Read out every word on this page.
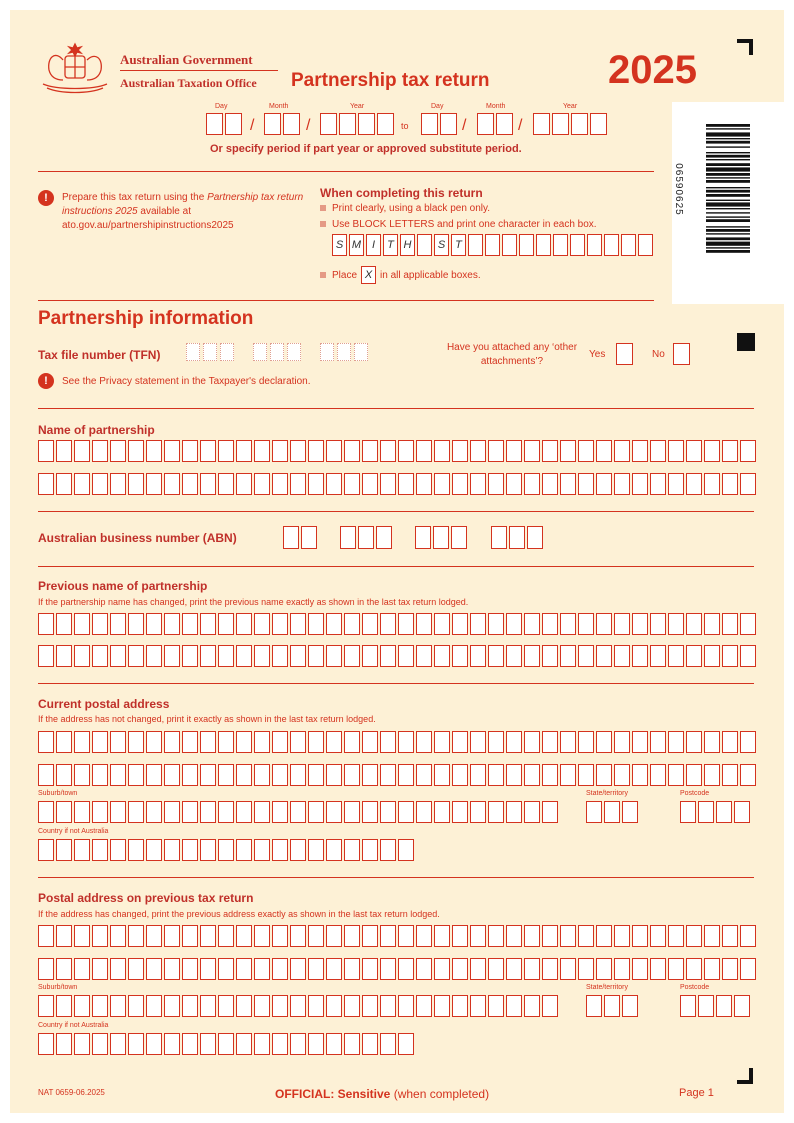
Australian Government
Australian Taxation Office Partnership tax return	2025
06590625
Day	Month	Year	Day	Month	Year
/	/	/	/
to
Or specify period if part year or approved substitute period.
!	Prepare this tax return using the Partnership tax return instructions 2025 available at ato.gov.au/partnershipinstructions2025
When completing this return
Print clearly, using a black pen only.
Use BLOCK LETTERS and print one character in each box.
S M I	T H	S T
Place X in all applicable boxes.
Partnership information
Tax file number (TFN)
Have you attached any ‘other attachments’?
Yes	No
!	See the Privacy statement in the Taxpayer's declaration.
Name of partnership
Australian business number (ABN)
Previous name of partnership
If the partnership name has changed, print the previous name exactly as shown in the last tax return lodged.
Current postal address
If the address has not changed, print it exactly as shown in the last tax return lodged.
Suburb/town	State/territory	Postcode
Country if not Australia
Postal address on previous tax return
If the address has changed, print the previous address exactly as shown in the last tax return lodged.
Suburb/town	State/territory	Postcode
Country if not Australia
NAT 0659-06.2025	OFFICIAL: Sensitive (when completed)	Page 1
